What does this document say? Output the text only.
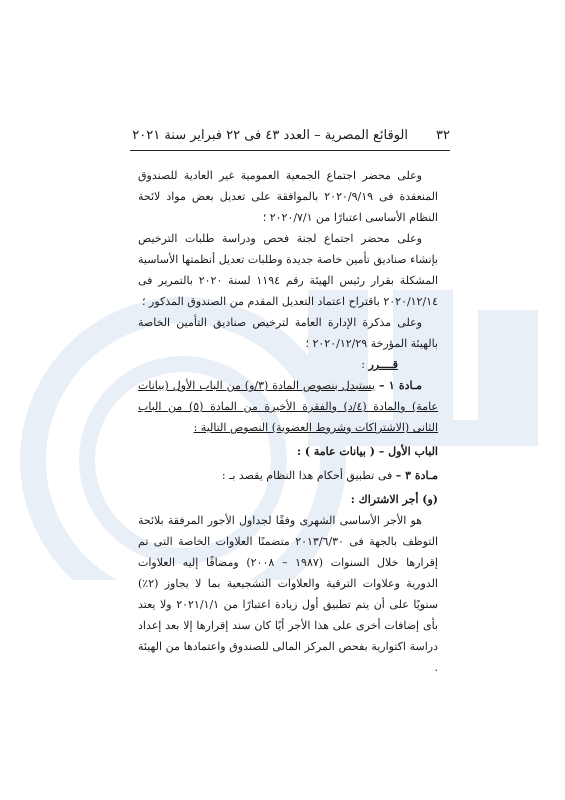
٣٢
الوقائع المصرية – العدد ٤٣ فى ٢٢ فبراير سنة ٢٠٢١

وعلى محضر اجتماع الجمعية العمومية غير العادية للصندوق المنعقدة فى ٢٠٢٠/٩/١٩ بالموافقة على تعديل بعض مواد لائحة النظام الأساسى اعتبارًا من ٢٠٢٠/٧/١ ؛

وعلى محضر اجتماع لجنة فحص ودراسة طلبات الترخيص بإنشاء صناديق تأمين خاصة جديدة وطلبات تعديل أنظمتها الأساسية المشكلة بقرار رئيس الهيئة رقم ١١٩٤ لسنة ٢٠٢٠ بالتمرير فى ٢٠٢٠/١٢/١٤ باقتراح اعتماد التعديل المقدم من الصندوق المذكور ؛

وعلى مذكرة الإدارة العامة لترخيص صناديق التأمين الخاصة بالهيئة المؤرخة ٢٠٢٠/١٢/٢٩ ؛

قــــرر :

مـادة ١ – يستبدل بنصوص المادة (٣/و) من الباب الأول (بيانات عامة) والمادة (٤/د) والفقرة الأخيرة من المادة (٥) من الباب الثانى (الاشتراكات وشروط العضوية) النصوص التالية :

الباب الأول – ( بيانات عامة ) :

مـادة ٣ – فى تطبيق أحكام هذا النظام يقصد بـ :

(و) أجر الاشتراك :

هو الأجر الأساسى الشهرى وفقًا لجداول الأجور المرفقة بلائحة التوظف بالجهة فى ٢٠١٣/٦/٣٠ متضمنًا العلاوات الخاصة التى تم إقرارها خلال السنوات (١٩٨٧ – ٢٠٠٨) ومضافًا إليه العلاوات الدورية وعلاوات الترقية والعلاوات التشجيعية بما لا يجاوز (٢٪) سنويًا على أن يتم تطبيق أول زيادة اعتبارًا من ٢٠٢١/١/١ ولا يعتد بأى إضافات أخرى على هذا الأجر أيًا كان سند إقرارها إلا بعد إعداد دراسة اكتوارية بفحص المركز المالى للصندوق واعتمادها من الهيئة .
